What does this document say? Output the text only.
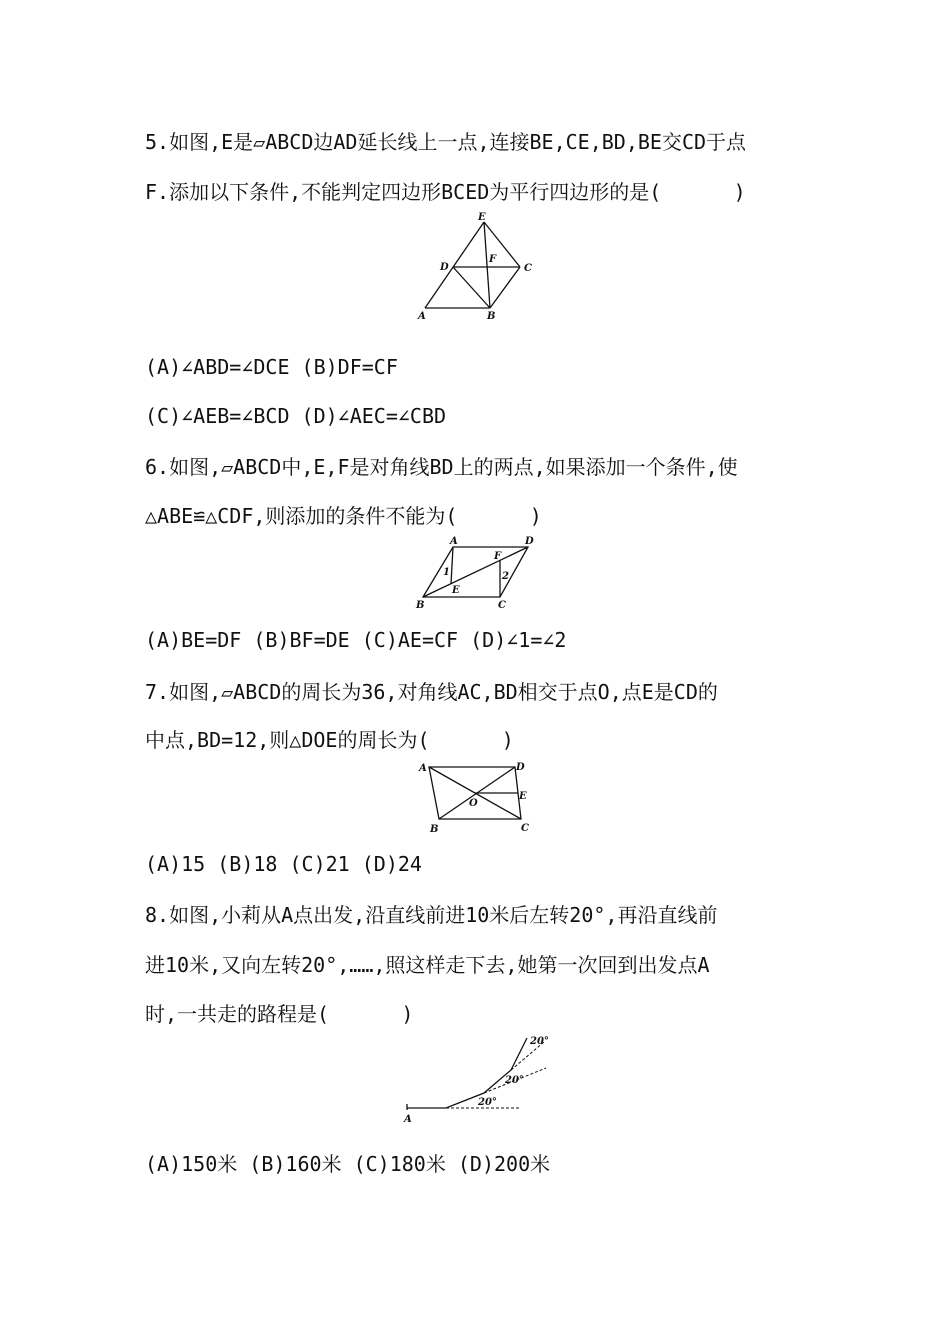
5.如图,E是▱ABCD边AD延长线上一点,连接BE,CE,BD,BE交CD于点
F.添加以下条件,不能判定四边形BCED为平行四边形的是(      )
E
D
F
C
A	B
(A)∠ABD=∠DCE (B)DF=CF
(C)∠AEB=∠BCD (D)∠AEC=∠CBD
6.如图,▱ABCD中,E,F是对角线BD上的两点,如果添加一个条件,使
△ABE≌△CDF,则添加的条件不能为(      )
A	D
F
1	2
E
B	C
(A)BE=DF (B)BF=DE (C)AE=CF (D)∠1=∠2
7.如图,▱ABCD的周长为36,对角线AC,BD相交于点O,点E是CD的
中点,BD=12,则△DOE的周长为(      )
A	D
O
E
B	C
(A)15 (B)18 (C)21 (D)24
8.如图,小莉从A点出发,沿直线前进10米后左转20°,再沿直线前
进10米,又向左转20°,……,照这样走下去,她第一次回到出发点A
时,一共走的路程是(      )
A
20°
20°
20°
(A)150米 (B)160米 (C)180米 (D)200米
